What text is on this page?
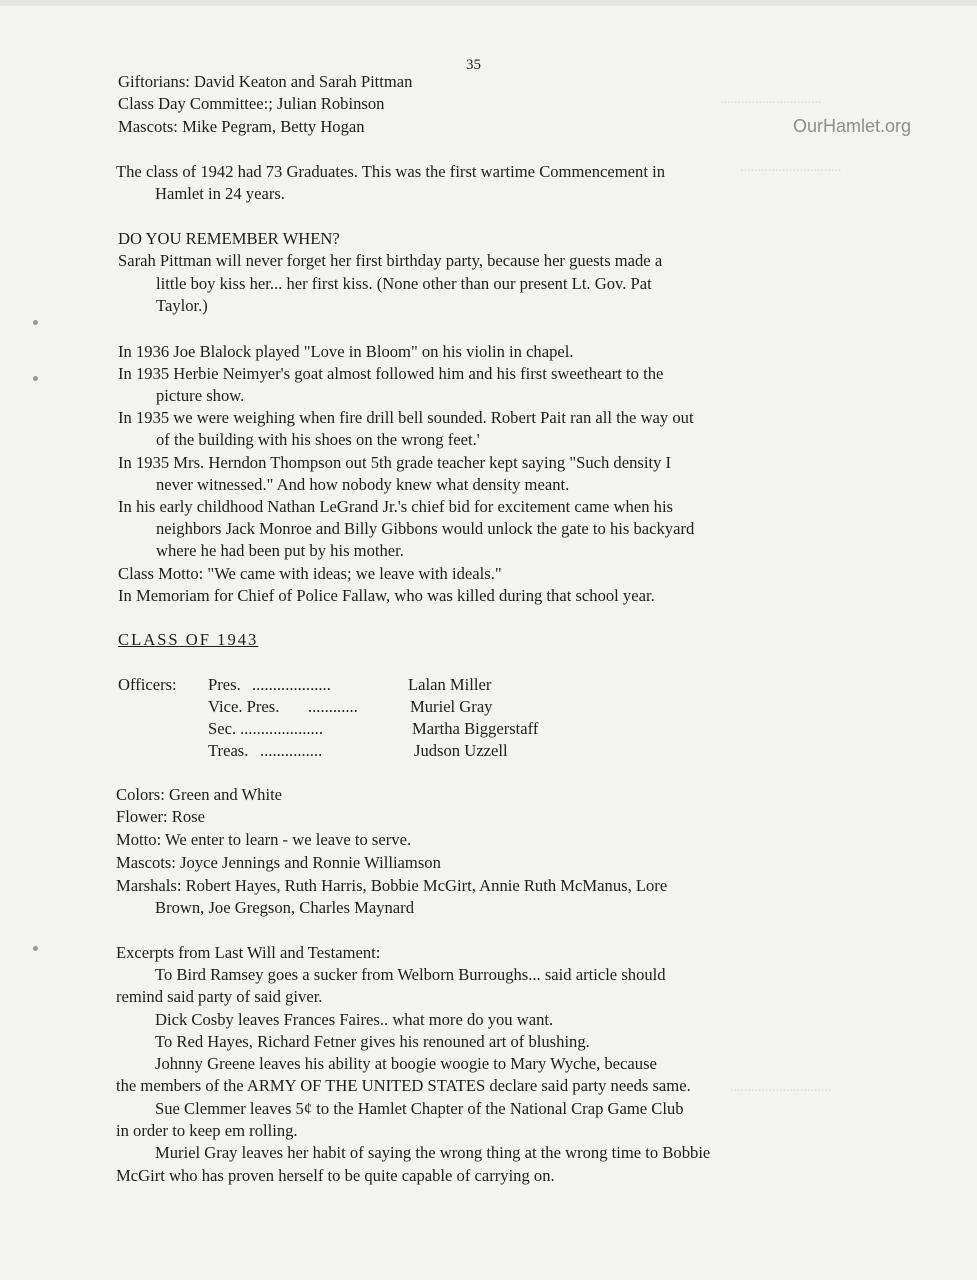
.............................
.............................
.............................
35
OurHamlet.org
Giftorians: David Keaton and Sarah Pittman
Class Day Committee:; Julian Robinson
Mascots: Mike Pegram, Betty Hogan
The class of 1942 had 73 Graduates. This was the first wartime Commencement in
Hamlet in 24 years.
DO YOU REMEMBER WHEN?
Sarah Pittman will never forget her first birthday party, because her guests made a
little boy kiss her... her first kiss. (None other than our present Lt. Gov. Pat
Taylor.)
In 1936 Joe Blalock played "Love in Bloom" on his violin in chapel.
In 1935 Herbie Neimyer's goat almost followed him and his first sweetheart to the
picture show.
In 1935 we were weighing when fire drill bell sounded. Robert Pait ran all the way out
of the building with his shoes on the wrong feet.'
In 1935 Mrs. Herndon Thompson out 5th grade teacher kept saying "Such density I
never witnessed." And how nobody knew what density meant.
In his early childhood Nathan LeGrand Jr.'s chief bid for excitement came when his
neighbors Jack Monroe and Billy Gibbons would unlock the gate to his backyard
where he had been put by his mother.
Class Motto: "We came with ideas; we leave with ideals."
In Memoriam for Chief of Police Fallaw, who was killed during that school year.
CLASS OF 1943
Officers: Pres. ...................	Lalan Miller
Vice. Pres. ............	Muriel Gray
Sec. ....................	Martha Biggerstaff
Treas. ...............	Judson Uzzell
Colors: Green and White
Flower: Rose
Motto: We enter to learn - we leave to serve.
Mascots: Joyce Jennings and Ronnie Williamson
Marshals: Robert Hayes, Ruth Harris, Bobbie McGirt, Annie Ruth McManus, Lore
Brown, Joe Gregson, Charles Maynard
Excerpts from Last Will and Testament:
To Bird Ramsey goes a sucker from Welborn Burroughs... said article should
remind said party of said giver.
Dick Cosby leaves Frances Faires.. what more do you want.
To Red Hayes, Richard Fetner gives his renouned art of blushing.
Johnny Greene leaves his ability at boogie woogie to Mary Wyche, because
the members of the ARMY OF THE UNITED STATES declare said party needs same.
Sue Clemmer leaves 5¢ to the Hamlet Chapter of the National Crap Game Club
in order to keep em rolling.
Muriel Gray leaves her habit of saying the wrong thing at the wrong time to Bobbie
McGirt who has proven herself to be quite capable of carrying on.
